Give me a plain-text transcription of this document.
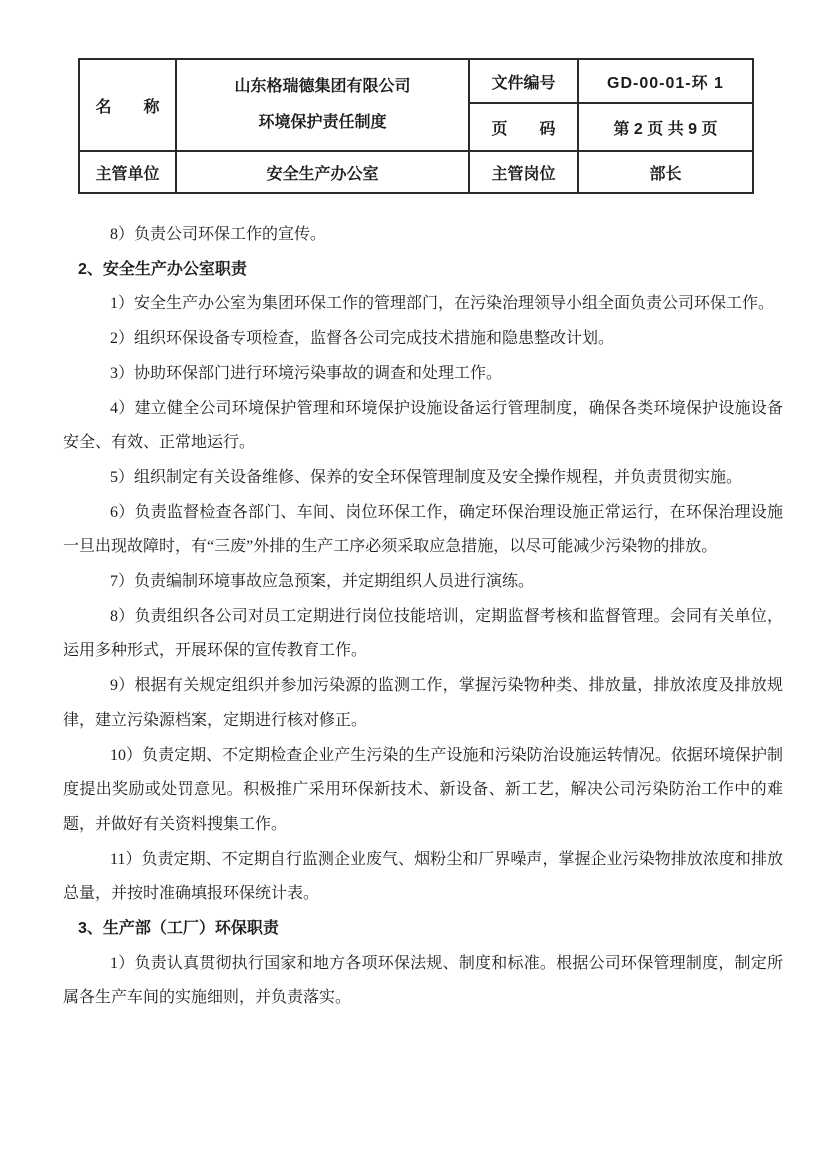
名　　称	山东格瑞德集团有限公司
环境保护责任制度	文件编号	GD-00-01-环 1
		页　　码	第 2 页 共 9 页
主管单位	安全生产办公室	主管岗位	部长

8）负责公司环保工作的宣传。

2、安全生产办公室职责

1）安全生产办公室为集团环保工作的管理部门，在污染治理领导小组全面负责公司环保工作。

2）组织环保设备专项检查，监督各公司完成技术措施和隐患整改计划。

3）协助环保部门进行环境污染事故的调查和处理工作。

4）建立健全公司环境保护管理和环境保护设施设备运行管理制度，确保各类环境保护设施设备安全、有效、正常地运行。

5）组织制定有关设备维修、保养的安全环保管理制度及安全操作规程，并负责贯彻实施。

6）负责监督检查各部门、车间、岗位环保工作，确定环保治理设施正常运行，在环保治理设施一旦出现故障时，有“三废”外排的生产工序必须采取应急措施，以尽可能减少污染物的排放。

7）负责编制环境事故应急预案，并定期组织人员进行演练。

8）负责组织各公司对员工定期进行岗位技能培训，定期监督考核和监督管理。会同有关单位，运用多种形式，开展环保的宣传教育工作。

9）根据有关规定组织并参加污染源的监测工作，掌握污染物种类、排放量，排放浓度及排放规律，建立污染源档案，定期进行核对修正。

10）负责定期、不定期检查企业产生污染的生产设施和污染防治设施运转情况。依据环境保护制度提出奖励或处罚意见。积极推广采用环保新技术、新设备、新工艺，解决公司污染防治工作中的难题，并做好有关资料搜集工作。

11）负责定期、不定期自行监测企业废气、烟粉尘和厂界噪声，掌握企业污染物排放浓度和排放总量，并按时准确填报环保统计表。

3、生产部（工厂）环保职责

1）负责认真贯彻执行国家和地方各项环保法规、制度和标准。根据公司环保管理制度，制定所属各生产车间的实施细则，并负责落实。
